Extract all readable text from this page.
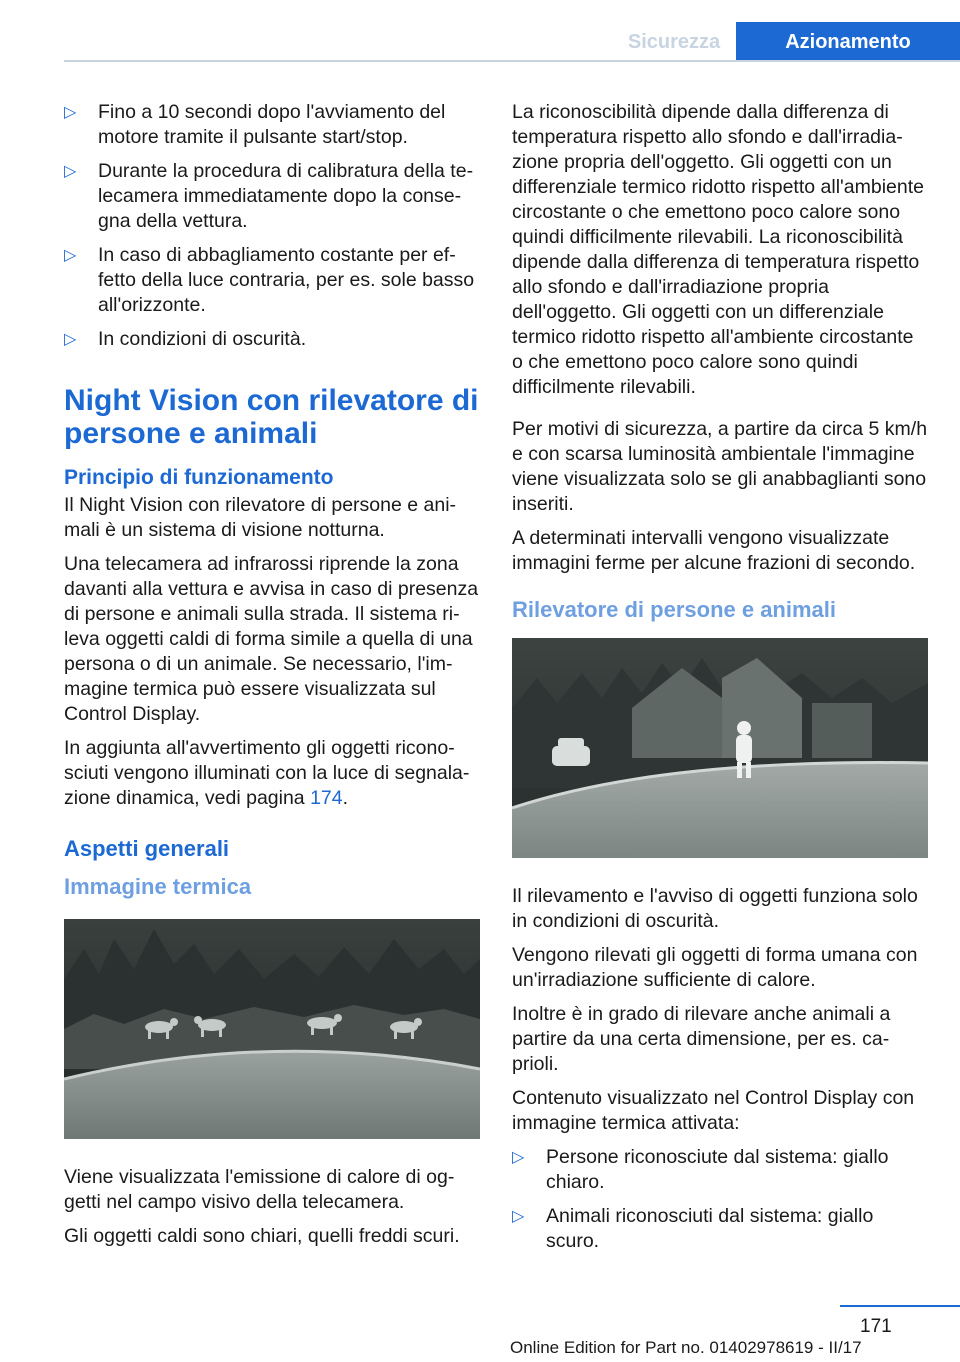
Sicurezza	Azionamento
▷ Fino a 10 secondi dopo l'avviamento del motore tramite il pulsante start/stop.
▷ Durante la procedura di calibratura della telecamera immediatamente dopo la consegna della vettura.
▷ In caso di abbagliamento costante per effetto della luce contraria, per es. sole basso all'orizzonte.
▷ In condizioni di oscurità.
Night Vision con rilevatore di persone e animali
Principio di funzionamento

Il Night Vision con rilevatore di persone e animali è un sistema di visione notturna.

Una telecamera ad infrarossi riprende la zona davanti alla vettura e avvisa in caso di presenza di persone e animali sulla strada. Il sistema rileva oggetti caldi di forma simile a quella di una persona o di un animale. Se necessario, l'immagine termica può essere visualizzata sul Control Display.

In aggiunta all'avvertimento gli oggetti riconosciuti vengono illuminati con la luce di segnalazione dinamica, vedi pagina 174.

Aspetti generali
Immagine termica

Viene visualizzata l'emissione di calore di oggetti nel campo visivo della telecamera.

Gli oggetti caldi sono chiari, quelli freddi scuri.

La riconoscibilità dipende dalla differenza di temperatura rispetto allo sfondo e dall'irradiazione propria dell'oggetto. Gli oggetti con un differenziale termico ridotto rispetto all'ambiente circostante o che emettono poco calore sono quindi difficilmente rilevabili. La riconoscibilità dipende dalla differenza di temperatura rispetto allo sfondo e dall'irradiazione propria dell'oggetto. Gli oggetti con un differenziale termico ridotto rispetto all'ambiente circostante o che emettono poco calore sono quindi difficilmente rilevabili.

Per motivi di sicurezza, a partire da circa 5 km/h e con scarsa luminosità ambientale l'immagine viene visualizzata solo se gli anabbaglianti sono inseriti.

A determinati intervalli vengono visualizzate immagini ferme per alcune frazioni di secondo.

Rilevatore di persone e animali

Il rilevamento e l'avviso di oggetti funziona solo in condizioni di oscurità.

Vengono rilevati gli oggetti di forma umana con un'irradiazione sufficiente di calore.

Inoltre è in grado di rilevare anche animali a partire da una certa dimensione, per es. caprioli.

Contenuto visualizzato nel Control Display con immagine termica attivata:

▷ Persone riconosciute dal sistema: giallo chiaro.
▷ Animali riconosciuti dal sistema: giallo scuro.
171
Online Edition for Part no. 01402978619 - II/17
